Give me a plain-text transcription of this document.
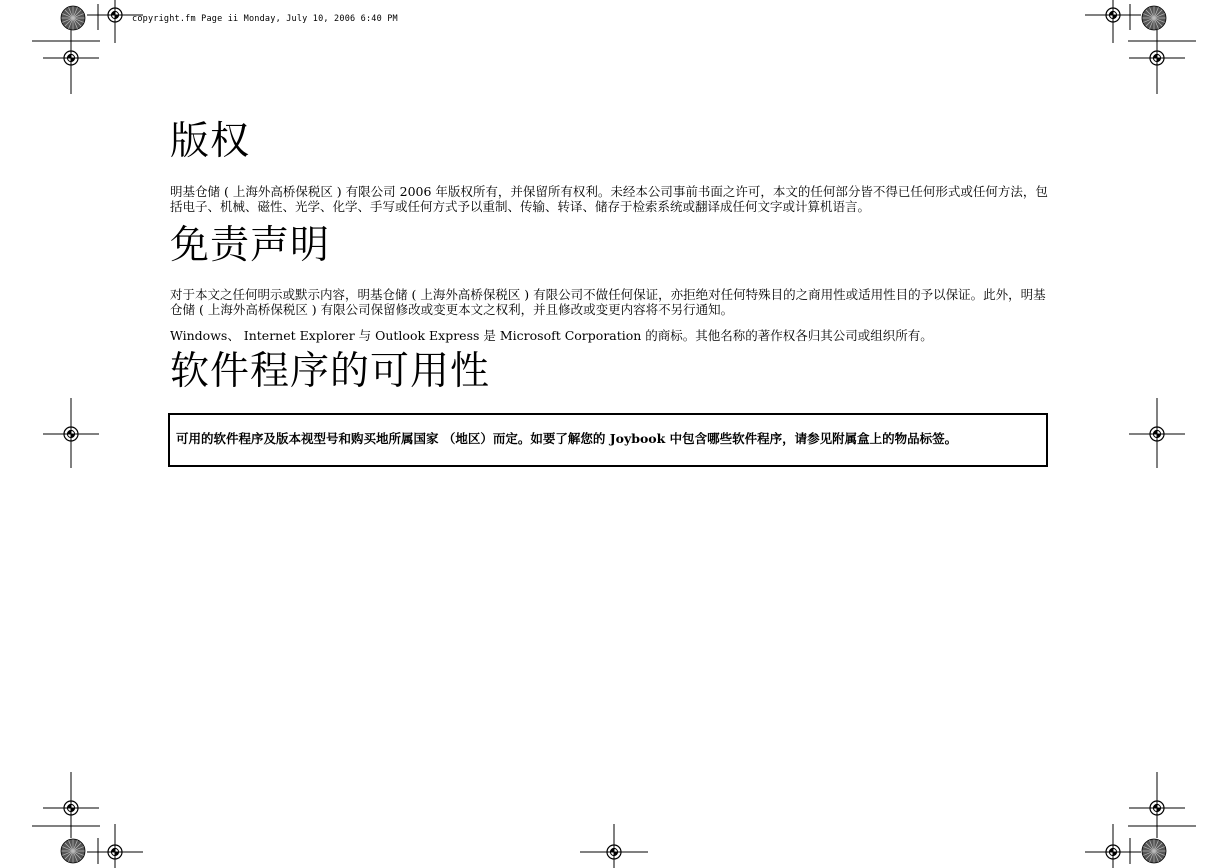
copyright.fm Page ii Monday, July 10, 2006 6:40 PM
版权

明基仓储 ( 上海外高桥保税区 ) 有限公司 2006 年版权所有，并保留所有权利。未经本公司事前书面之许可，本文的任何部分皆不得已任何形式或任何方法，包括电子、机械、磁性、光学、化学、手写或任何方式予以重制、传输、转译、储存于检索系统或翻译成任何文字或计算机语言。

免责声明

对于本文之任何明示或默示内容，明基仓储 ( 上海外高桥保税区 ) 有限公司不做任何保证，亦拒绝对任何特殊目的之商用性或适用性目的予以保证。此外，明基仓储 ( 上海外高桥保税区 ) 有限公司保留修改或变更本文之权利，并且修改或变更内容将不另行通知。

Windows、 Internet Explorer 与 Outlook Express 是 Microsoft Corporation 的商标。其他名称的著作权各归其公司或组织所有。

软件程序的可用性

可用的软件程序及版本视型号和购买地所属国家 （地区）而定。如要了解您的 Joybook 中包含哪些软件程序，请参见附属盒上的物品标签。
